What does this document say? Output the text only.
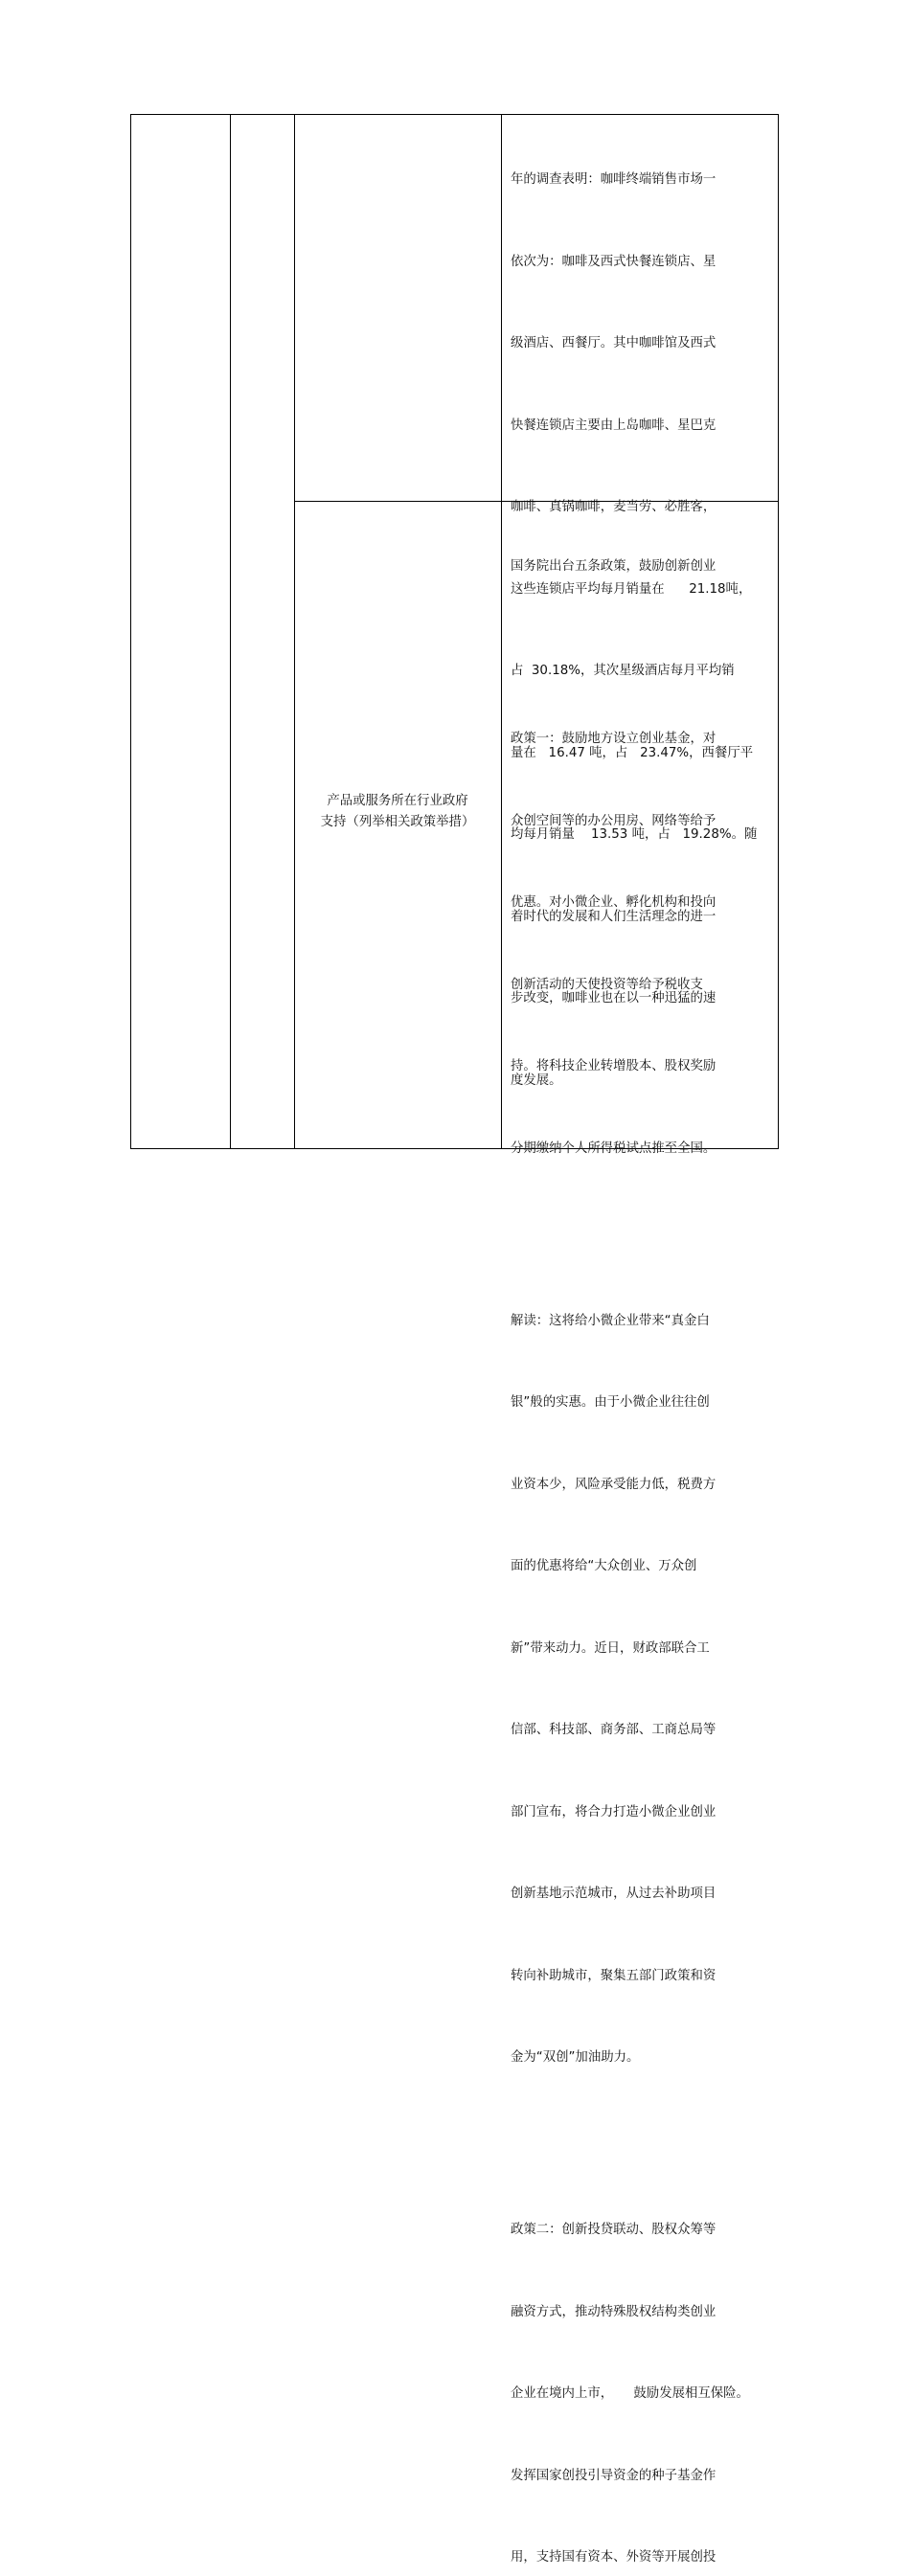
年的调查表明：咖啡终端销售市场一

依次为：咖啡及西式快餐连锁店、星

级酒店、西餐厅。其中咖啡馆及西式

快餐连锁店主要由上岛咖啡、星巴克

咖啡、真锅咖啡，麦当劳、必胜客，

这些连锁店平均每月销量在      21.18吨，

占  30.18%，其次星级酒店每月平均销

量在   16.47 吨，占   23.47%，西餐厅平

均每月销量    13.53 吨，占   19.28%。随

着时代的发展和人们生活理念的进一

步改变，咖啡业也在以一种迅猛的速

度发展。

产品或服务所在行业政府
支持（列举相关政策举措）

国务院出台五条政策，鼓励创新创业

政策一：鼓励地方设立创业基金，对

众创空间等的办公用房、网络等给予

优惠。对小微企业、孵化机构和投向

创新活动的天使投资等给予税收支

持。将科技企业转增股本、股权奖励

分期缴纳个人所得税试点推至全国。

解读：这将给小微企业带来“真金白

银”般的实惠。由于小微企业往往创

业资本少，风险承受能力低，税费方

面的优惠将给“大众创业、万众创

新”带来动力。近日，财政部联合工

信部、科技部、商务部、工商总局等

部门宣布，将合力打造小微企业创业

创新基地示范城市，从过去补助项目

转向补助城市，聚集五部门政策和资

金为“双创”加油助力。

政策二：创新投贷联动、股权众筹等

融资方式，推动特殊股权结构类创业

企业在境内上市，     鼓励发展相互保险。

发挥国家创投引导资金的种子基金作

用，支持国有资本、外资等开展创投
